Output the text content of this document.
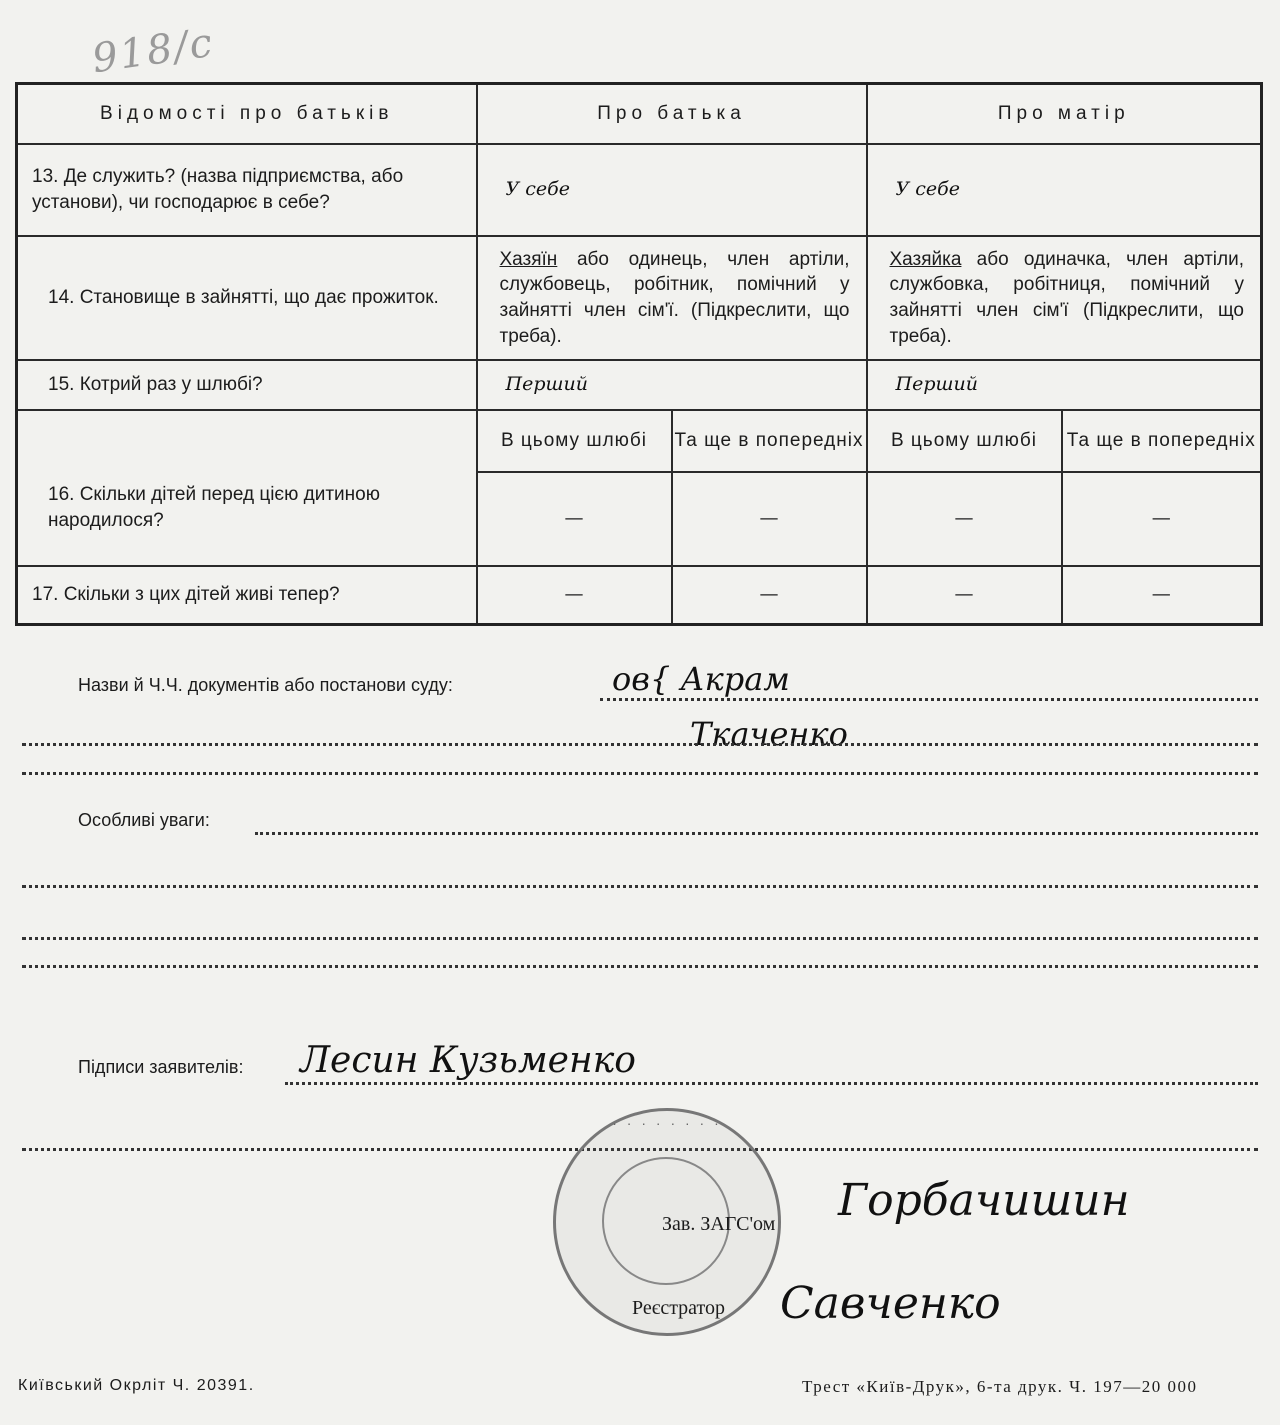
918/с
Відомості про батьків	Про батька		Про матір	
13. Де служить? (назва підприємства, або установи), чи господарює в себе?	У себе		У себе	
14. Становище в зайнятті, що дає прожиток.	Хазяїн або одинець, член артіли, службовець, робітник, помічний у зайнятті член сім'ї. (Підкреслити, що треба).		Хазяйка або одиначка, член артіли, службовка, робітниця, помічний у зайнятті член сім'ї (Підкреслити, що треба).	
15. Котрий раз у шлюбі?	Перший		Перший	
16. Скільки дітей перед цією дитиною народилося?	В цьому шлюбі	Та ще в попередніх	В цьому шлюбі	Та ще в попередніх
	—	—	—	—
17. Скільки з цих дітей живі тепер?	—	—	—	—
Назви й Ч.Ч. документів або постанови суду:	ов{ Акрам
Ткаченко
Особливі уваги:
Підписи заявителів: Лесин Кузьменко
· · · · · · · ·
Зав. ЗАГС'ом Горбачишин
Реєстратор Савченко
Київський Окрліт Ч. 20391.	Трест «Київ-Друк», 6-та друк. Ч. 197—20 000
